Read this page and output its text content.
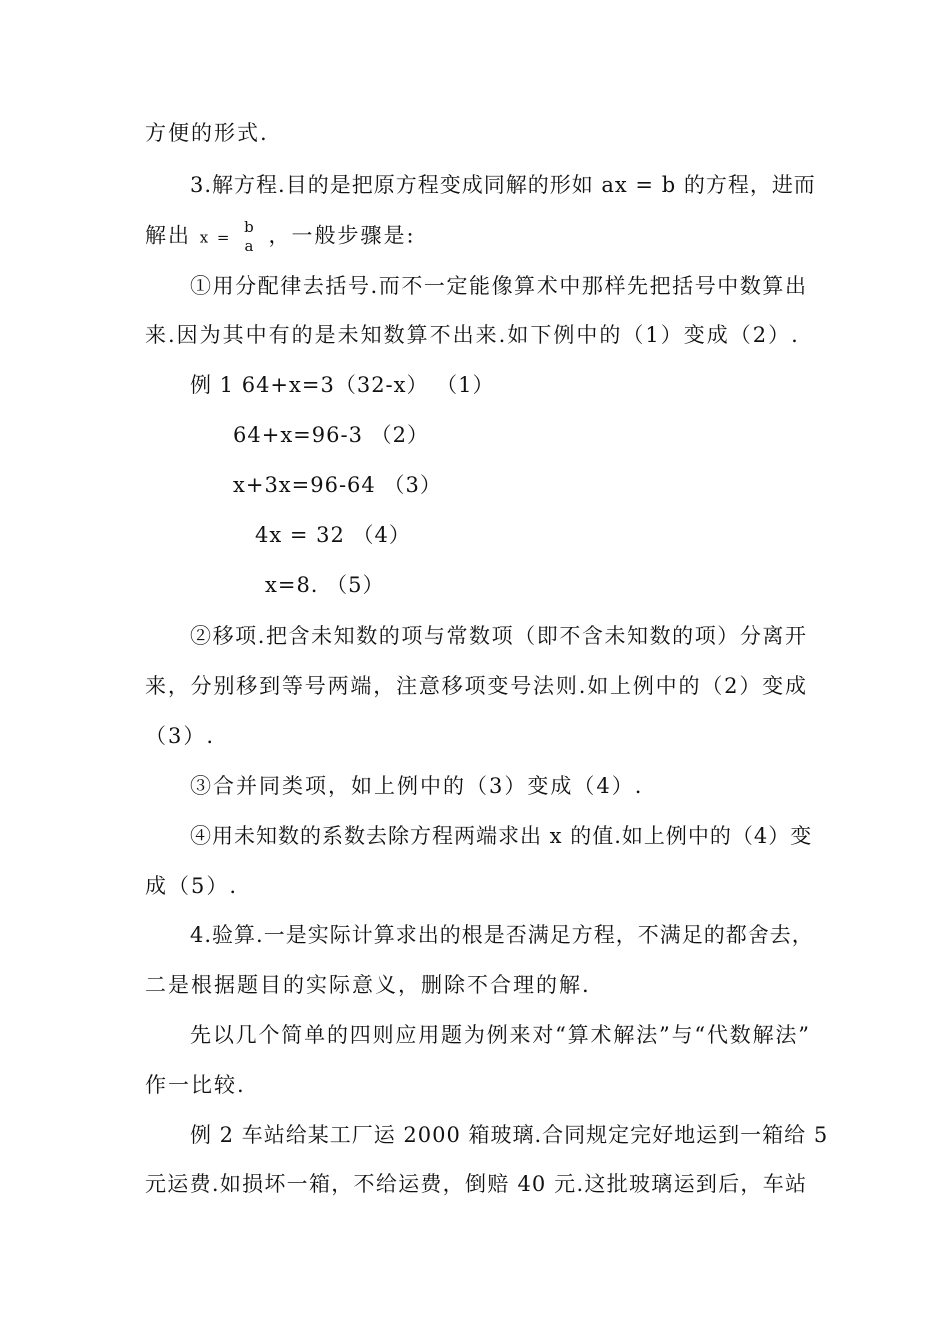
方便的形式.
3.解方程.目的是把原方程变成同解的形如 ax = b 的方程，进而
解出 x =
b
a ，一般步骤是:
①用分配律去括号.而不一定能像算术中那样先把括号中数算出
来.因为其中有的是未知数算不出来.如下例中的（1）变成（2）.
例 1 64+x=3（32-x） （1）
64+x=96-3 （2）
x+3x=96-64 （3）
4x = 32 （4）
x=8. （5）
②移项.把含未知数的项与常数项（即不含未知数的项）分离开
来，分别移到等号两端，注意移项变号法则.如上例中的（2）变成
（3）.
③合并同类项，如上例中的（3）变成（4）.
④用未知数的系数去除方程两端求出 x 的值.如上例中的（4）变
成（5）.
4.验算.一是实际计算求出的根是否满足方程，不满足的都舍去，
二是根据题目的实际意义，删除不合理的解.
先以几个简单的四则应用题为例来对“算术解法”与“代数解法”
作一比较.
例 2 车站给某工厂运 2000 箱玻璃.合同规定完好地运到一箱给 5
元运费.如损坏一箱，不给运费，倒赔 40 元.这批玻璃运到后，车站
